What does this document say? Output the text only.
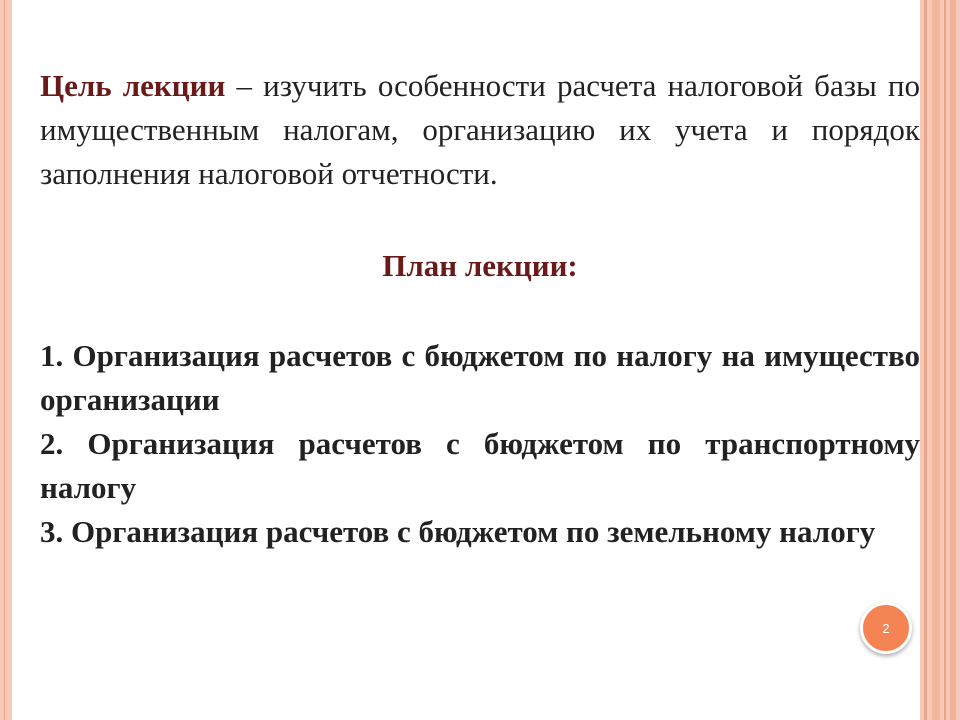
Цель лекции – изучить особенности расчета налоговой базы по имущественным налогам, организацию их учета и порядок заполнения налоговой отчетности.

План лекции:

1. Организация расчетов с бюджетом по налогу на имущество организации

2. Организация расчетов с бюджетом по транспортному налогу

3. Организация расчетов с бюджетом по земельному налогу

2
